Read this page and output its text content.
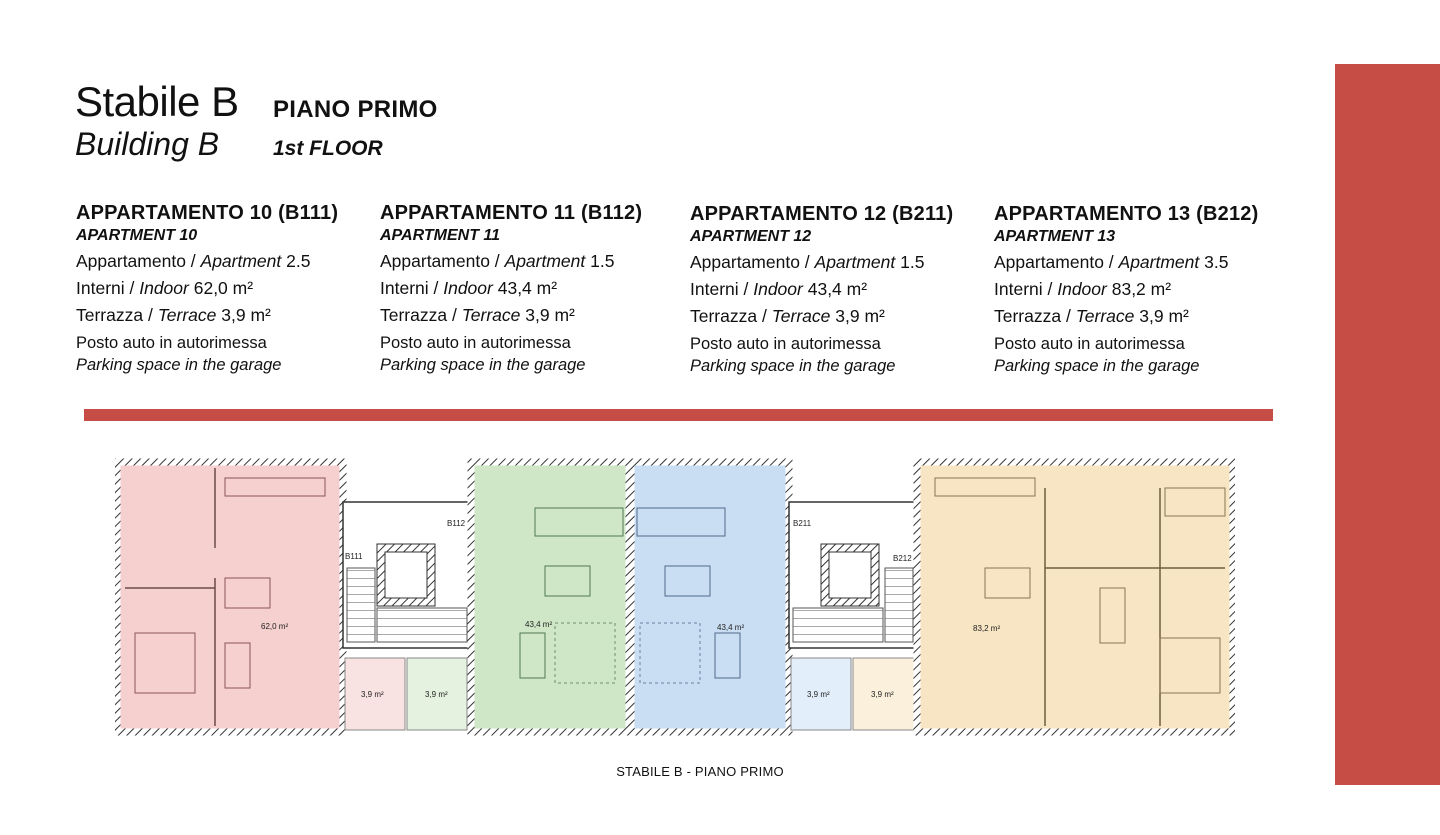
Stabile B
Building B
PIANO PRIMO
1st FLOOR
APPARTAMENTO 10 (B111)
APARTMENT 10
Appartamento / Apartment 2.5
Interni / Indoor 62,0 m²
Terrazza / Terrace 3,9 m²
Posto auto in autorimessa
Parking space in the garage
APPARTAMENTO 11 (B112)
APARTMENT 11
Appartamento / Apartment 1.5
Interni / Indoor 43,4 m²
Terrazza / Terrace 3,9 m²
Posto auto in autorimessa
Parking space in the garage
APPARTAMENTO 12 (B211)
APARTMENT 12
Appartamento / Apartment 1.5
Interni / Indoor 43,4 m²
Terrazza / Terrace 3,9 m²
Posto auto in autorimessa
Parking space in the garage
APPARTAMENTO 13 (B212)
APARTMENT 13
Appartamento / Apartment 3.5
Interni / Indoor 83,2 m²
Terrazza / Terrace 3,9 m²
Posto auto in autorimessa
Parking space in the garage
62,0 m²
B111
B112
3,9 m²	3,9 m²
43,4 m²	43,4 m²
B211
B212
3,9 m²	3,9 m²
83,2 m²
STABILE B - PIANO PRIMO
